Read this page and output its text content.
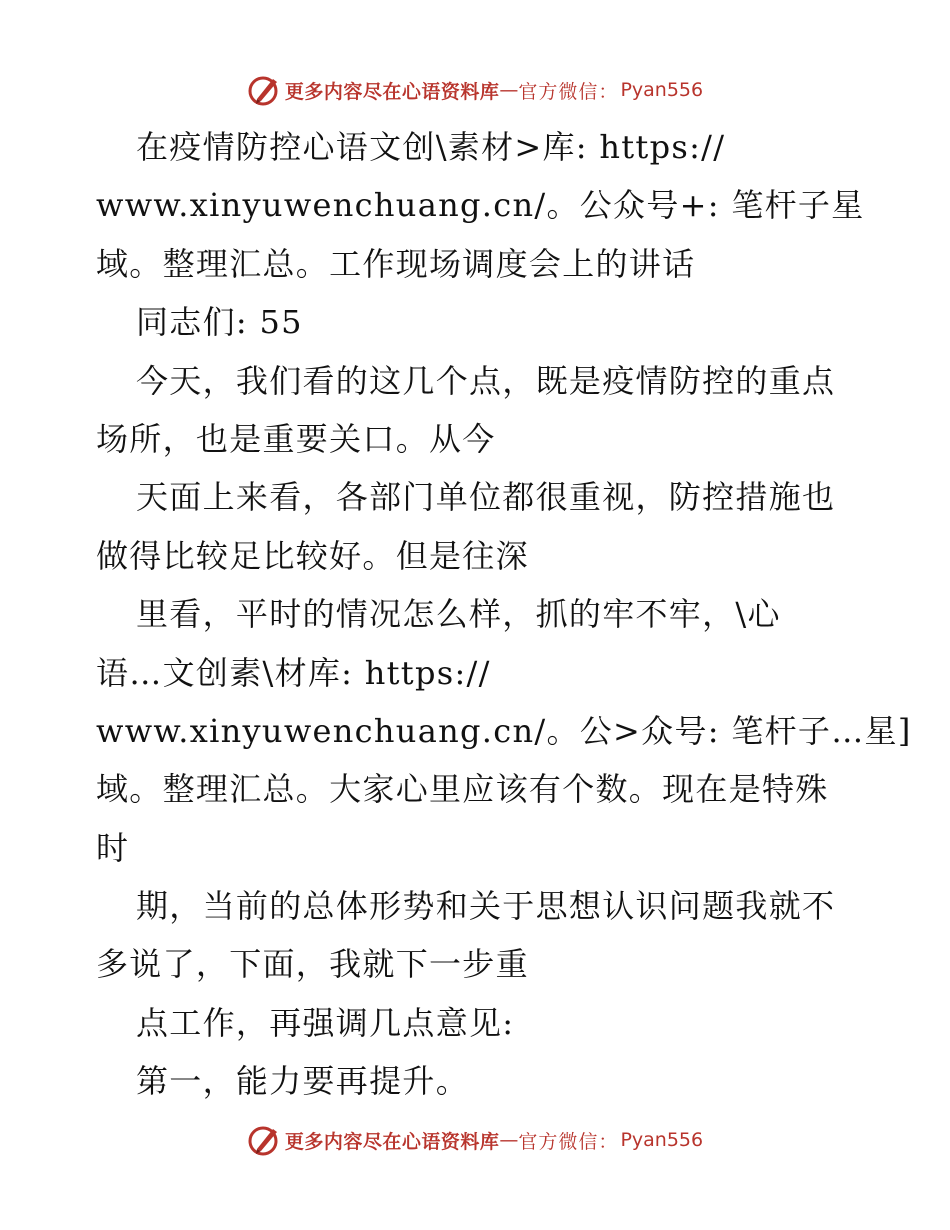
更多内容尽在心语资料库 — 官方微信： Pyan556
在疫情防控心语文创\素材>库: https://
www.xinyuwenchuang.cn/。公众号+: 笔杆子星
域。整理汇总。工作现场调度会上的讲话
同志们: 55
今天，我们看的这几个点，既是疫情防控的重点
场所，也是重要关口。从今
天面上来看，各部门单位都很重视，防控措施也
做得比较足比较好。但是往深
里看，平时的情况怎么样，抓的牢不牢，\心
语…文创素\材库: https://
www.xinyuwenchuang.cn/。公>众号: 笔杆子…星]
域。整理汇总。大家心里应该有个数。现在是特殊
时
期，当前的总体形势和关于思想认识问题我就不
多说了，下面，我就下一步重
点工作，再强调几点意见:
第一，能力要再提升。
更多内容尽在心语资料库 — 官方微信： Pyan556
